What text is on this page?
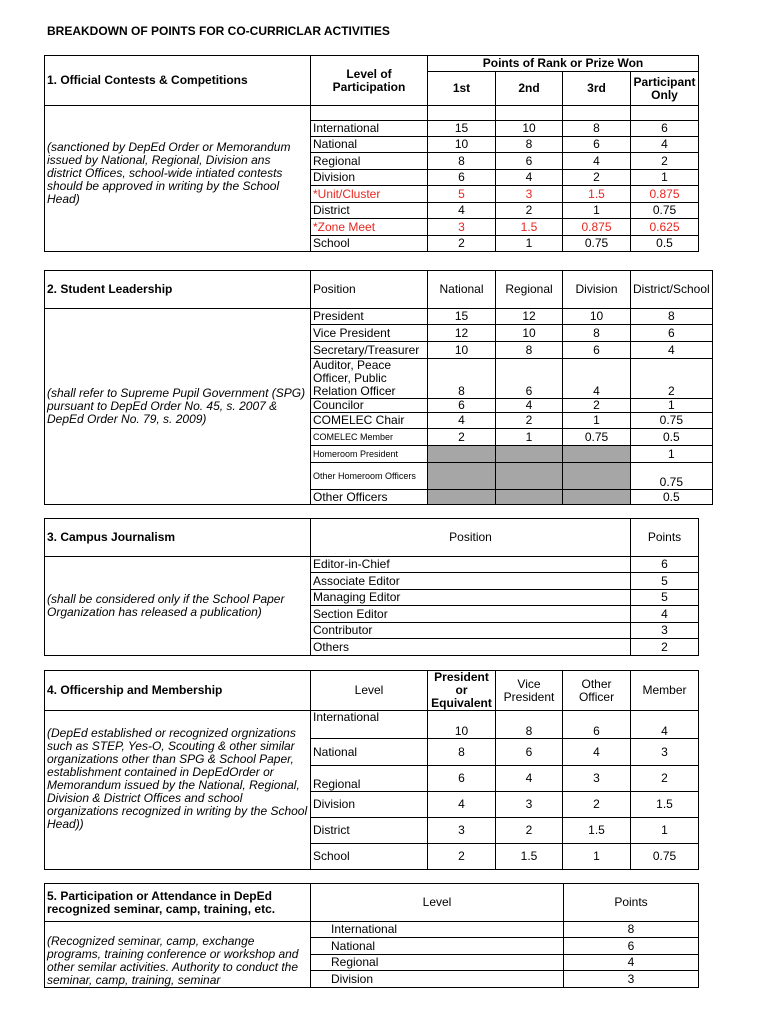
BREAKDOWN OF POINTS FOR CO-CURRICLAR ACTIVITIES
1. Official Contests & Competitions	Level of Participation	Points of Rank or Prize Won			
		1st	2nd	3rd	Participant Only

(sanctioned by DepEd Order or Memorandum issued by National, Regional, Division ans district Offices, school-wide intiated contests should be approved in writing by the School Head)	International	15	10	8	6
	National	10	8	6	4
	Regional	8	6	4	2
	Division	6	4	2	1
	*Unit/Cluster	5	3	1.5	0.875
	District	4	2	1	0.75
	*Zone Meet	3	1.5	0.875	0.625
	School	2	1	0.75	0.5
2. Student Leadership	Position	National	Regional	Division	District/School
(shall refer to Supreme Pupil Government (SPG) pursuant to DepEd Order No. 45, s. 2007 & DepEd Order No. 79, s. 2009)	President	15	12	10	8
	Vice President	12	10	8	6
	Secretary/Treasurer	10	8	6	4
	Auditor, Peace Officer, Public Relation Officer	8	6	4	2
	Councilor	6	4	2	1
	COMELEC Chair	4	2	1	0.75
	COMELEC Member	2	1	0.75	0.5
	Homeroom President				1
	Other Homeroom Officers				0.75
	Other Officers				0.5
3. Campus Journalism	Position	Points
(shall be considered only if the School Paper Organization has released a publication)	Editor-in-Chief	6
	Associate Editor	5
	Managing Editor	5
	Section Editor	4
	Contributor	3
	Others	2
4. Officership and Membership	Level	President or Equivalent	Vice President	Other Officer	Member
(DepEd established or recognized orgnizations such as STEP, Yes-O, Scouting & other similar organizations other than SPG & School Paper, establishment contained in DepEdOrder or Memorandum issued by the National, Regional, Division & District Offices and school organizations recognized in writing by the School Head))	International	10	8	6	4
	National	8	6	4	3
	Regional	6	4	3	2
	Division	4	3	2	1.5
	District	3	2	1.5	1
	School	2	1.5	1	0.75
5. Participation or Attendance in DepEd recognized seminar, camp, training, etc.	Level	Points
(Recognized seminar, camp, exchange programs, training conference or workshop and other semilar activities. Authority to conduct the seminar, camp, training, seminar	International	8
	National	6
	Regional	4
	Division	3
